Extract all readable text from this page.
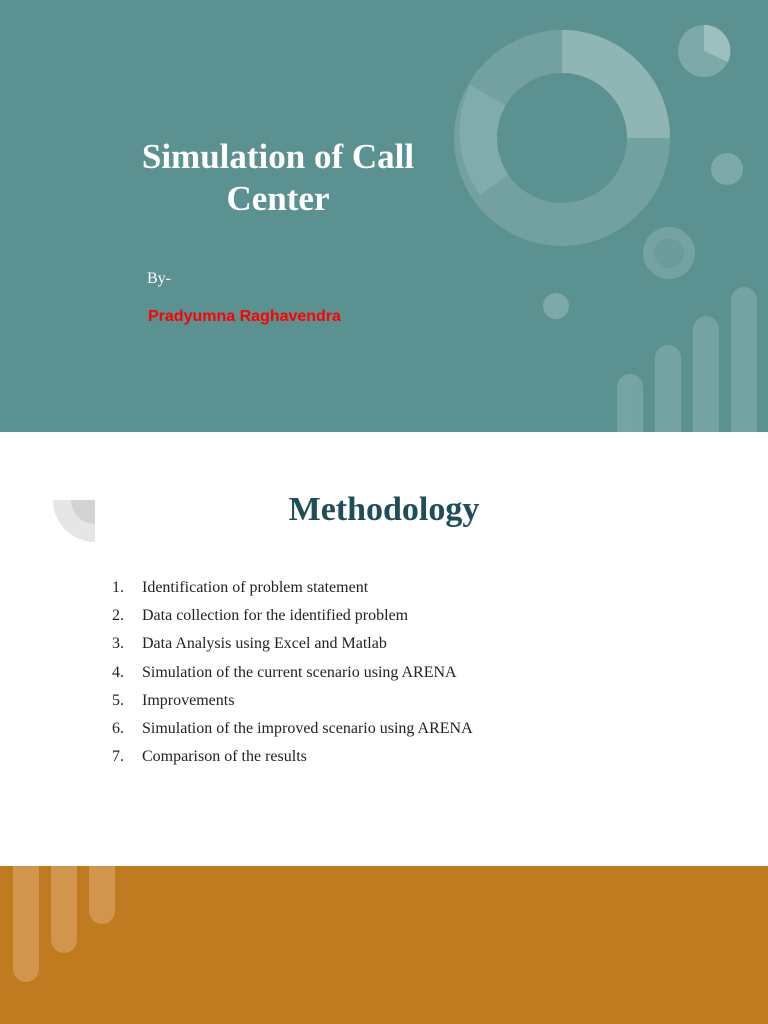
Simulation of Call Center
By-
Pradyumna Raghavendra
Methodology
1.	Identification of problem statement
2.	Data collection for the identified problem
3.	Data Analysis using Excel and Matlab
4.	Simulation of the current scenario using ARENA
5.	Improvements
6.	Simulation of the improved scenario using ARENA
7.	Comparison of the results
